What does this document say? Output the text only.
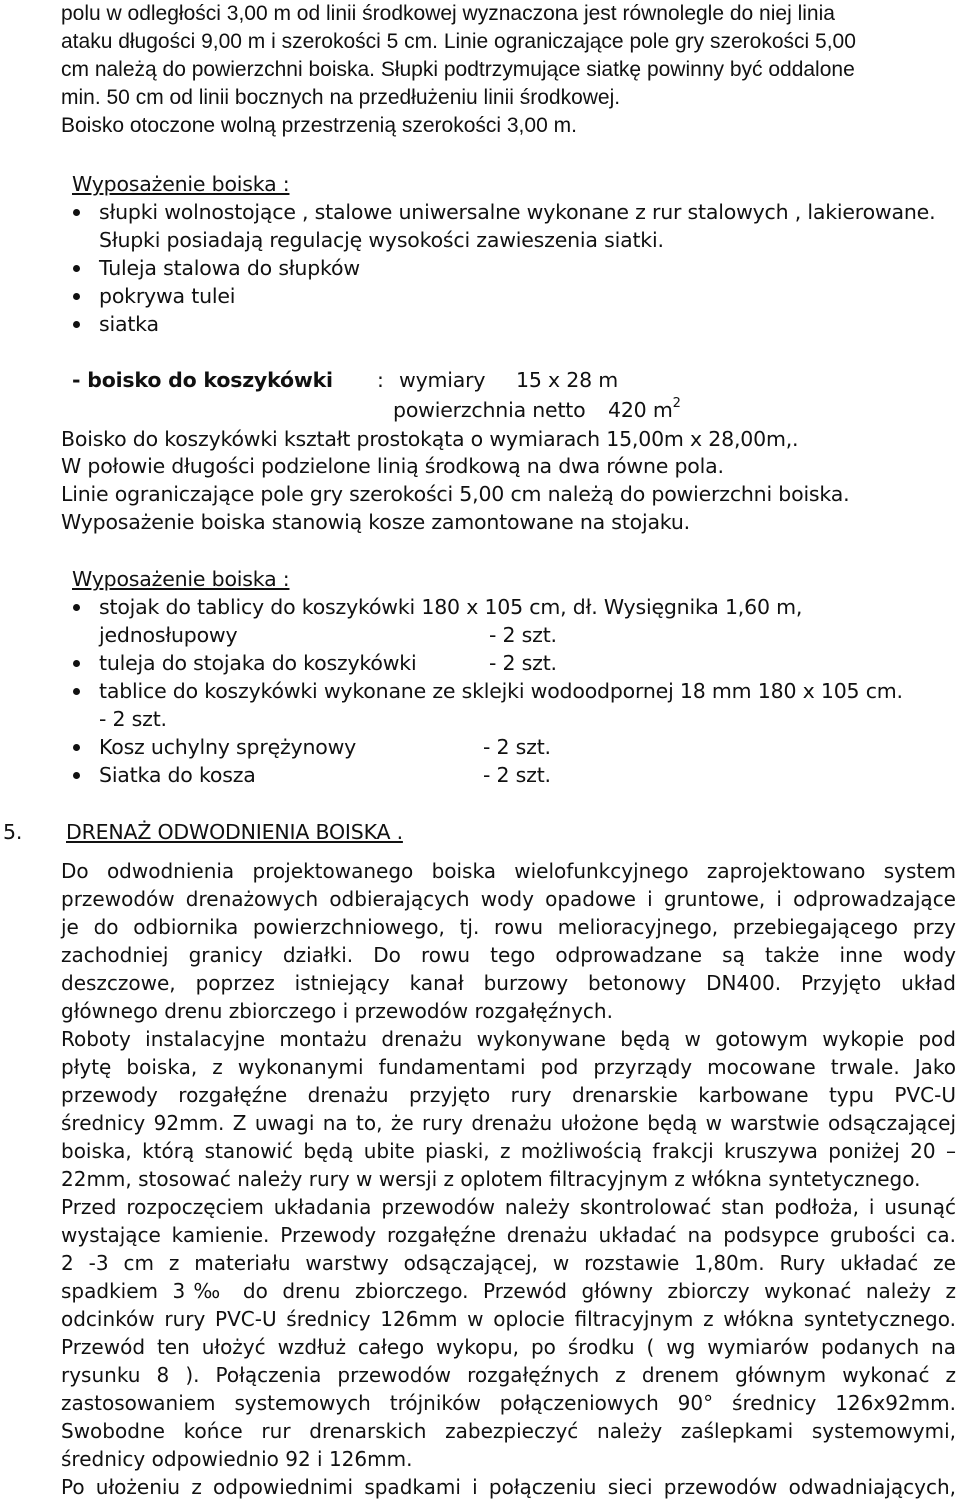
polu w odległości 3,00 m od linii środkowej wyznaczona jest równolegle do niej linia
ataku długości 9,00 m i szerokości 5 cm. Linie ograniczające pole gry szerokości 5,00
cm należą do powierzchni boiska. Słupki podtrzymujące siatkę powinny być oddalone
min. 50 cm od linii bocznych na przedłużeniu linii środkowej.
Boisko otoczone wolną przestrzenią szerokości 3,00 m.
Wyposażenie boiska :
słupki wolnostojące , stalowe uniwersalne wykonane z rur stalowych , lakierowane.
Słupki posiadają regulację wysokości zawieszenia siatki.
Tuleja stalowa do słupków
pokrywa tulei
siatka
- boisko do koszykówki : wymiary 15 x 28 m
powierzchnia netto 420 $m^2$
Boisko do koszykówki kształt prostokąta o wymiarach 15,00m x 28,00m,.
W połowie długości podzielone linią środkową na dwa równe pola.
Linie ograniczające pole gry szerokości 5,00 cm należą do powierzchni boiska.
Wyposażenie boiska stanowią kosze zamontowane na stojaku.
Wyposażenie boiska :
stojak do tablicy do koszykówki 180 x 105 cm, dł. Wysięgnika 1,60 m,
jednosłupowy	- 2 szt.
tuleja do stojaka do koszykówki	- 2 szt.
tablice do koszykówki wykonane ze sklejki wodoodpornej 18 mm 180 x 105 cm.
- 2 szt.
Kosz uchylny sprężynowy	- 2 szt.
Siatka do kosza	- 2 szt.
5. DRENAŻ ODWODNIENIA BOISKA .
Do odwodnienia projektowanego boiska wielofunkcyjnego zaprojektowano system
przewodów drenażowych odbierających wody opadowe i gruntowe, i odprowadzające
je do odbiornika powierzchniowego, tj. rowu melioracyjnego, przebiegającego przy
zachodniej granicy działki. Do rowu tego odprowadzane są także inne wody
deszczowe, poprzez istniejący kanał burzowy betonowy DN400. Przyjęto układ
głównego drenu zbiorczego i przewodów rozgałęźnych.
Roboty instalacyjne montażu drenażu wykonywane będą w gotowym wykopie pod
płytę boiska, z wykonanymi fundamentami pod przyrządy mocowane trwale. Jako
przewody rozgałęźne drenażu przyjęto rury drenarskie karbowane typu PVC-U
średnicy 92mm. Z uwagi na to, że rury drenażu ułożone będą w warstwie odsączającej
boiska, którą stanowić będą ubite piaski, z możliwością frakcji kruszywa poniżej 20 –
22mm, stosować należy rury w wersji z oplotem filtracyjnym z włókna syntetycznego.
Przed rozpoczęciem układania przewodów należy skontrolować stan podłoża, i usunąć
wystające kamienie. Przewody rozgałęźne drenażu układać na podsypce grubości ca.
2 -3 cm z materiału warstwy odsączającej, w rozstawie 1,80m. Rury układać ze
spadkiem 3‰ do drenu zbiorczego. Przewód główny zbiorczy wykonać należy z
odcinków rury PVC-U średnicy 126mm w oplocie filtracyjnym z włókna syntetycznego.
Przewód ten ułożyć wzdłuż całego wykopu, po środku ( wg wymiarów podanych na
rysunku 8 ). Połączenia przewodów rozgałęźnych z drenem głównym wykonać z
zastosowaniem systemowych trójników połączeniowych 90° średnicy 126x92mm.
Swobodne końce rur drenarskich zabezpieczyć należy zaślepkami systemowymi,
średnicy odpowiednio 92 i 126mm.
Po ułożeniu z odpowiednimi spadkami i połączeniu sieci przewodów odwadniających,
